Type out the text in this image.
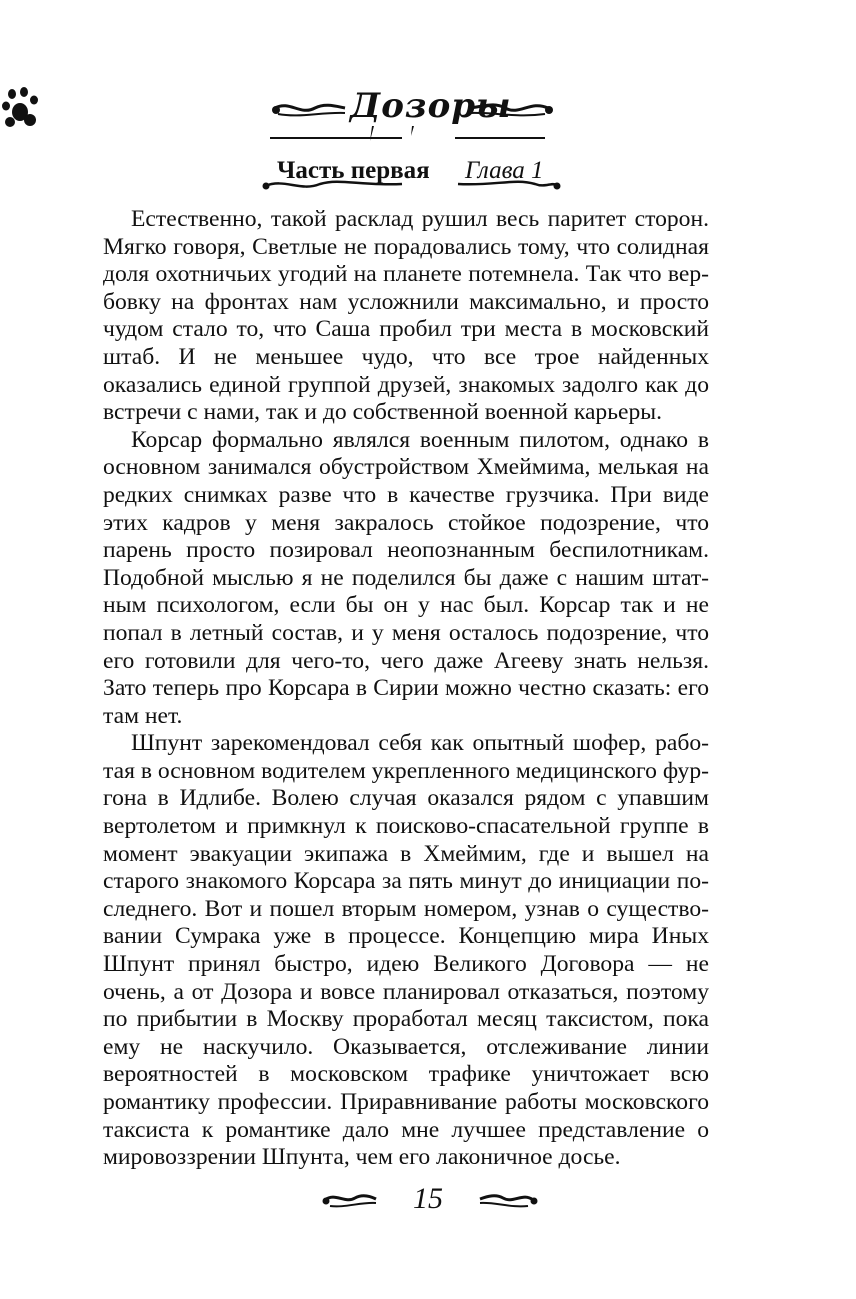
Дозоры
Часть первая Глава 1

Естественно, такой расклад рушил весь паритет сторон. Мягко говоря, Светлые не порадовались тому, что солидная доля охотничьих угодий на планете потемнела. Так что вербовку на фронтах нам усложнили максимально, и просто чудом стало то, что Саша пробил три места в московский штаб. И не меньшее чудо, что все трое найденных оказались единой группой друзей, знакомых задолго как до встречи с нами, так и до собственной военной карьеры.

Корсар формально являлся военным пилотом, однако в основном занимался обустройством Хмеймима, мелькая на редких снимках разве что в качестве грузчика. При виде этих кадров у меня закралось стойкое подозрение, что парень просто позировал неопознанным беспилотникам. Подобной мыслью я не поделился бы даже с нашим штатным психологом, если бы он у нас был. Корсар так и не попал в летный состав, и у меня осталось подозрение, что его готовили для чего-то, чего даже Агееву знать нельзя. Зато теперь про Корсара в Сирии можно честно сказать: его там нет.

Шпунт зарекомендовал себя как опытный шофер, работая в основном водителем укрепленного медицинского фургона в Идлибе. Волею случая оказался рядом с упавшим вертолетом и примкнул к поисково-спасательной группе в момент эвакуации экипажа в Хмеймим, где и вышел на старого знакомого Корсара за пять минут до инициации последнего. Вот и пошел вторым номером, узнав о существовании Сумрака уже в процессе. Концепцию мира Иных Шпунт принял быстро, идею Великого Договора — не очень, а от Дозора и вовсе планировал отказаться, поэтому по прибытии в Москву проработал месяц таксистом, пока ему не наскучило. Оказывается, отслеживание линии вероятностей в московском трафике уничтожает всю романтику профессии. Приравнивание работы московского таксиста к романтике дало мне лучшее представление о мировоззрении Шпунта, чем его лаконичное досье.

15
